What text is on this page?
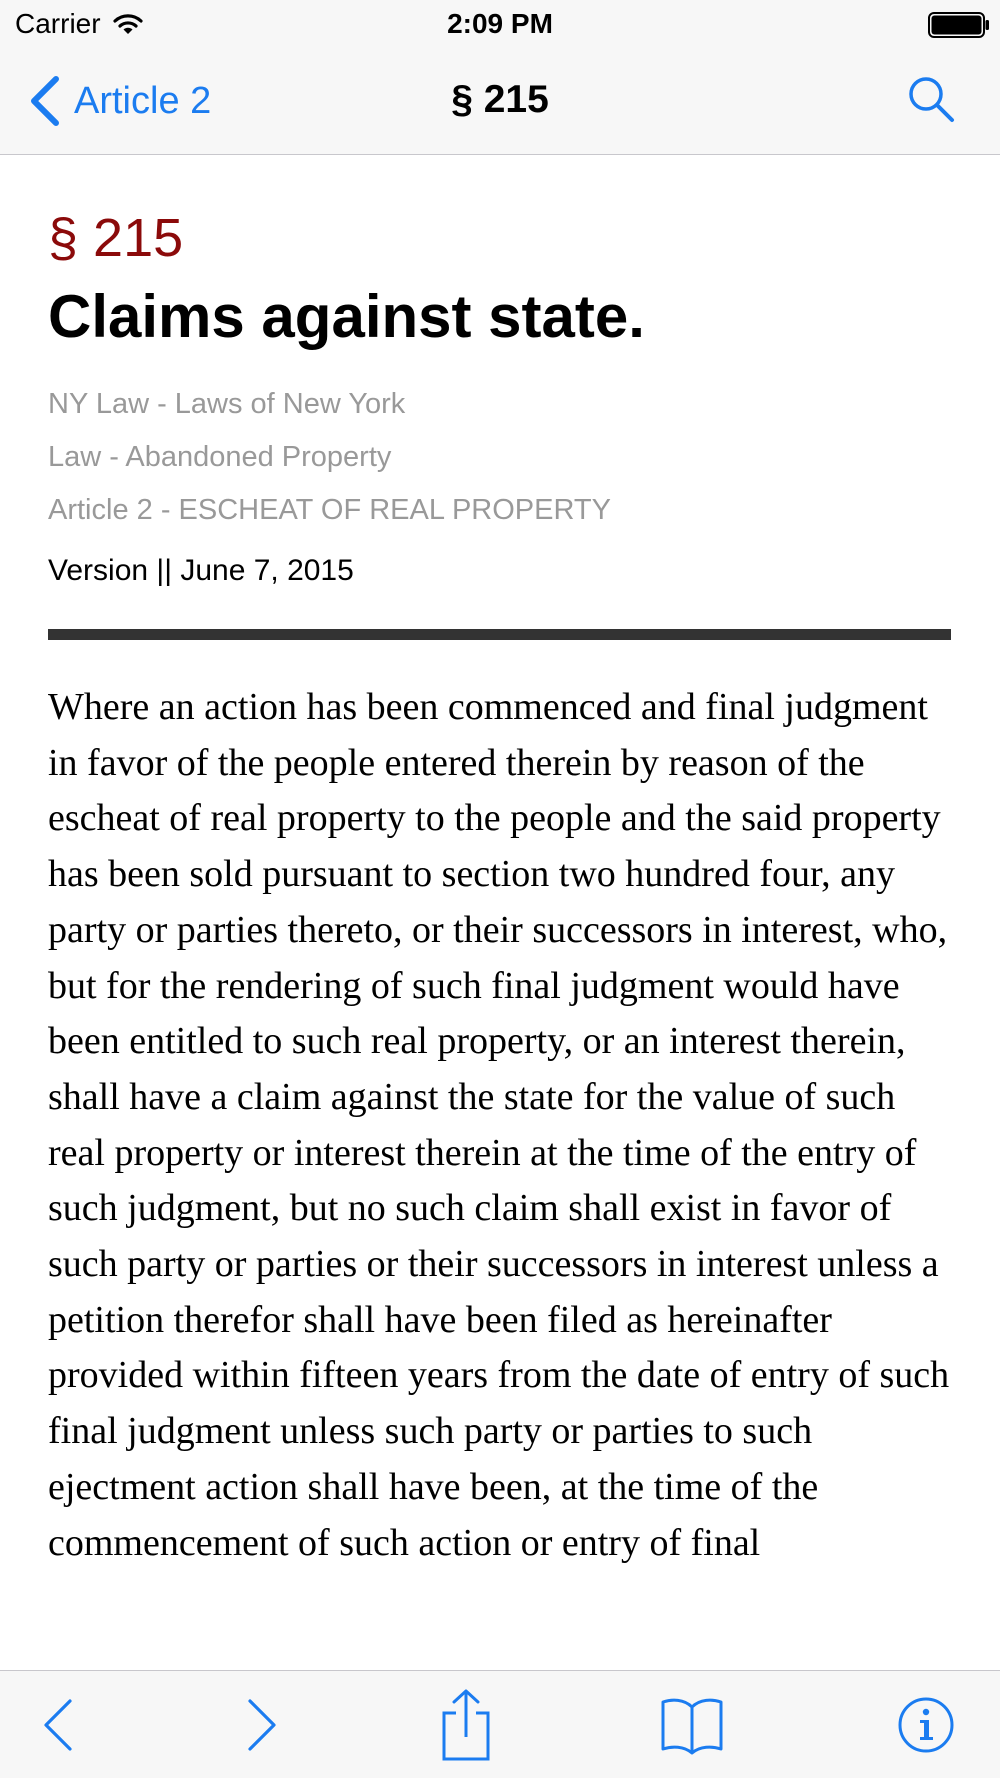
Carrier	2:09 PM
Article 2	§ 215
§ 215
Claims against state.
NY Law - Laws of New York
Law - Abandoned Property
Article 2 - ESCHEAT OF REAL PROPERTY
Version || June 7, 2015
Where an action has been commenced and final judgment in favor of the people entered therein by reason of the escheat of real property to the people and the said property has been sold pursuant to section two hundred four, any party or parties thereto, or their successors in interest, who, but for the rendering of such final judgment would have been entitled to such real property, or an interest therein, shall have a claim against the state for the value of such real property or interest therein at the time of the entry of such judgment, but no such claim shall exist in favor of such party or parties or their successors in interest unless a petition therefor shall have been filed as hereinafter provided within fifteen years from the date of entry of such final judgment unless such party or parties to such ejectment action shall have been, at the time of the commencement of such action or entry of final
